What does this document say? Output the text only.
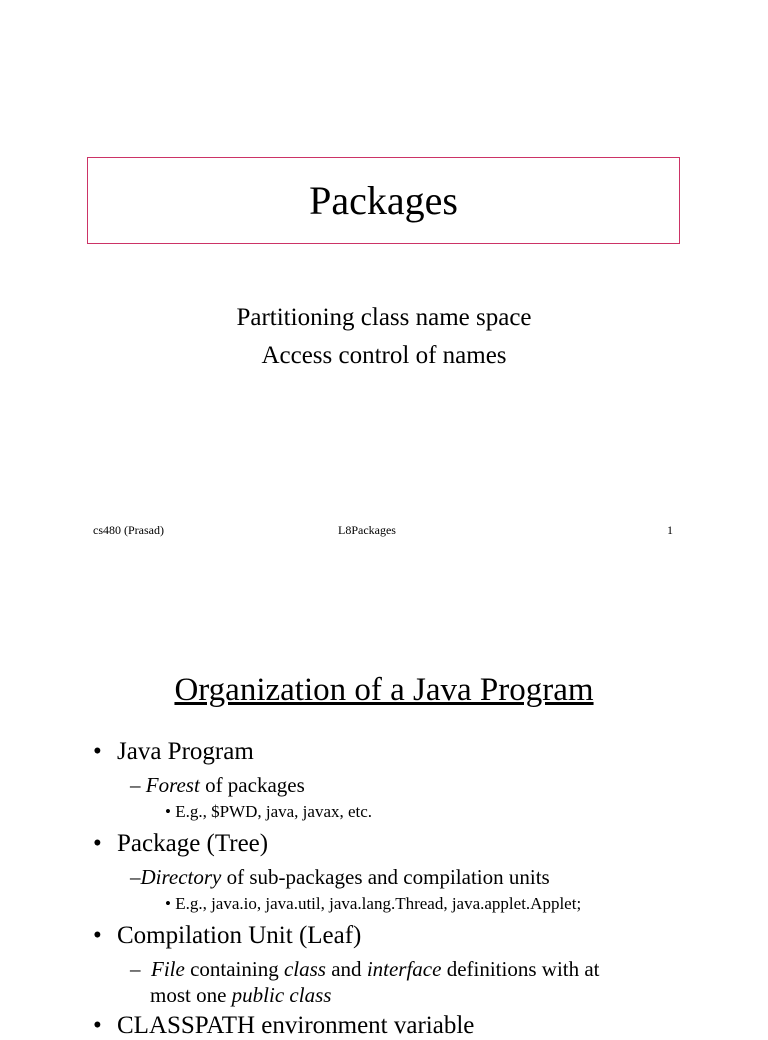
Packages
Partitioning class name space
Access control of names
cs480 (Prasad)	L8Packages	1
Organization of a Java Program
• Java Program
– Forest of packages
• E.g., $PWD, java, javax, etc.
• Package (Tree)
–Directory of sub-packages and compilation units
• E.g., java.io, java.util, java.lang.Thread, java.applet.Applet;
• Compilation Unit (Leaf)
–  File containing class and interface definitions with at
most one public class
• CLASSPATH environment variable
